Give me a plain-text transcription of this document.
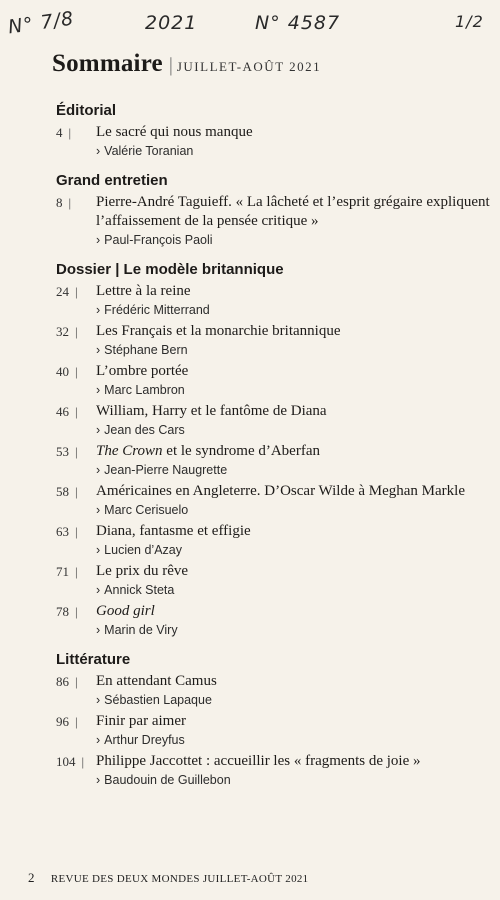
N° 7/8	2021	N° 4587	1/2
Sommaire | JUILLET-AOÛT 2021
Éditorial
4 |	Le sacré qui nous manque
› Valérie Toranian
Grand entretien
8 |	Pierre-André Taguieff. « La lâcheté et l’esprit grégaire expliquent l’affaissement de la pensée critique »
› Paul-François Paoli
Dossier | Le modèle britannique
24 |	Lettre à la reine
› Frédéric Mitterrand
32 |	Les Français et la monarchie britannique
› Stéphane Bern
40 |	L’ombre portée
› Marc Lambron
46 |	William, Harry et le fantôme de Diana
› Jean des Cars
53 |	The Crown et le syndrome d’Aberfan
› Jean-Pierre Naugrette
58 |	Américaines en Angleterre. D’Oscar Wilde à Meghan Markle
› Marc Cerisuelo
63 |	Diana, fantasme et effigie
› Lucien d’Azay
71 |	Le prix du rêve
› Annick Steta
78 |	Good girl
› Marin de Viry
Littérature
86 |	En attendant Camus
› Sébastien Lapaque
96 |	Finir par aimer
› Arthur Dreyfus
104 | Philippe Jaccottet : accueillir les « fragments de joie »
› Baudouin de Guillebon
2 REVUE DES DEUX MONDES JUILLET-AOÛT 2021
